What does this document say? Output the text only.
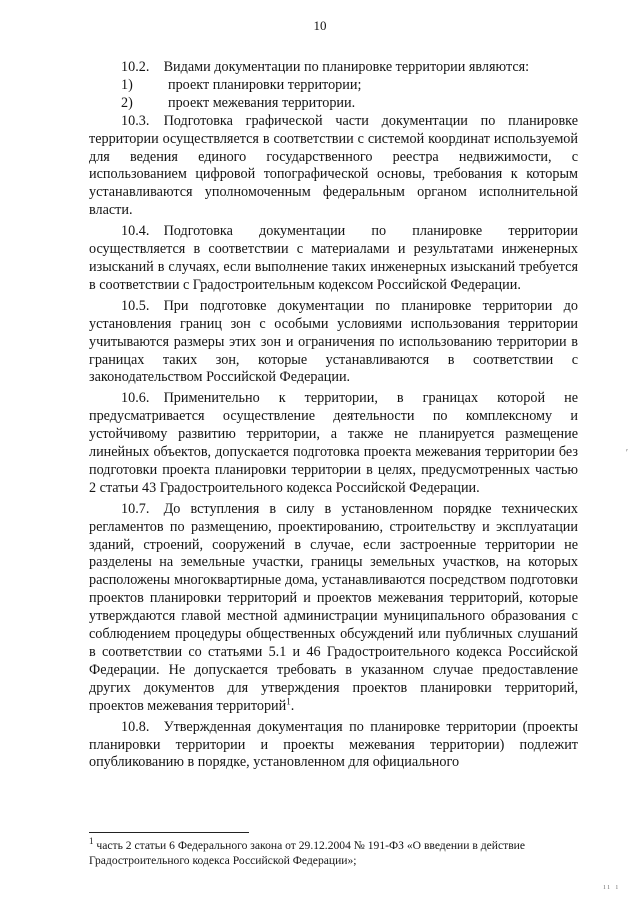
10

10.2. Видами документации по планировке территории являются:

1)	проект планировки территории;
2)	проект межевания территории.

10.3. Подготовка графической части документации по планировке территории осуществляется в соответствии с системой координат используемой для ведения единого государственного реестра недвижимости, с использованием цифровой топографической основы, требования к которым устанавливаются уполномоченным федеральным органом исполнительной власти.

10.4. Подготовка документации по планировке территории осуществляется в соответствии с материалами и результатами инженерных изысканий в случаях, если выполнение таких инженерных изысканий требуется в соответствии с Градостроительным кодексом Российской Федерации.

10.5. При подготовке документации по планировке территории до установления границ зон с особыми условиями использования территории учитываются размеры этих зон и ограничения по использованию территории в границах таких зон, которые устанавливаются в соответствии с законодательством Российской Федерации.

10.6. Применительно к территории, в границах которой не предусматривается осуществление деятельности по комплексному и устойчивому развитию территории, а также не планируется размещение линейных объектов, допускается подготовка проекта межевания территории без подготовки проекта планировки территории в целях, предусмотренных частью 2 статьи 43 Градостроительного кодекса Российской Федерации.

10.7. До вступления в силу в установленном порядке технических регламентов по размещению, проектированию, строительству и эксплуатации зданий, строений, сооружений в случае, если застроенные территории не разделены на земельные участки, границы земельных участков, на которых расположены многоквартирные дома, устанавливаются посредством подготовки проектов планировки территорий и проектов межевания территорий, которые утверждаются главой местной администрации муниципального образования с соблюдением процедуры общественных обсуждений или публичных слушаний в соответствии со статьями 5.1 и 46 Градостроительного кодекса Российской Федерации. Не допускается требовать в указанном случае предоставление других документов для утверждения проектов планировки территорий, проектов межевания территорий$^1$.

10.8. Утвержденная документация по планировке территории (проекты планировки территории и проекты межевания территории) подлежит опубликованию в порядке, установленном для официального

$^1$ часть 2 статьи 6 Федерального закона от 29.12.2004 № 191-ФЗ «О введении в действие Градостроительного кодекса Российской Федерации»;
ʹ
ıı ı
